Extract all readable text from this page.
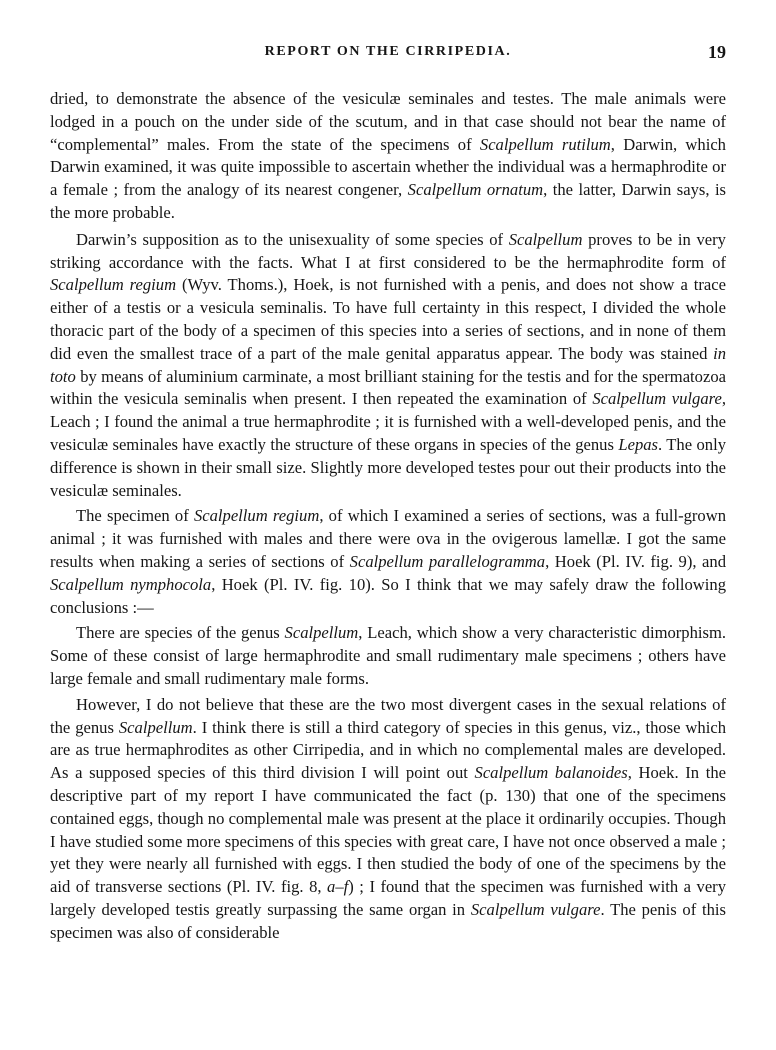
REPORT ON THE CIRRIPEDIA.	19

dried, to demonstrate the absence of the vesiculæ seminales and testes. The male animals were lodged in a pouch on the under side of the scutum, and in that case should not bear the name of “complemental” males. From the state of the specimens of Scalpellum rutilum, Darwin, which Darwin examined, it was quite impossible to ascertain whether the individual was a hermaphrodite or a female ; from the analogy of its nearest congener, Scalpellum ornatum, the latter, Darwin says, is the more probable.

Darwin’s supposition as to the unisexuality of some species of Scalpellum proves to be in very striking accordance with the facts. What I at first considered to be the hermaphrodite form of Scalpellum regium (Wyv. Thoms.), Hoek, is not furnished with a penis, and does not show a trace either of a testis or a vesicula seminalis. To have full certainty in this respect, I divided the whole thoracic part of the body of a specimen of this species into a series of sections, and in none of them did even the smallest trace of a part of the male genital apparatus appear. The body was stained in toto by means of aluminium carminate, a most brilliant staining for the testis and for the spermatozoa within the vesicula seminalis when present. I then repeated the examination of Scalpellum vulgare, Leach ; I found the animal a true hermaphrodite ; it is furnished with a well-developed penis, and the vesiculæ seminales have exactly the structure of these organs in species of the genus Lepas. The only difference is shown in their small size. Slightly more developed testes pour out their products into the vesiculæ seminales.

The specimen of Scalpellum regium, of which I examined a series of sections, was a full-grown animal ; it was furnished with males and there were ova in the ovigerous lamellæ. I got the same results when making a series of sections of Scalpellum parallelogramma, Hoek (Pl. IV. fig. 9), and Scalpellum nymphocola, Hoek (Pl. IV. fig. 10). So I think that we may safely draw the following conclusions :—

There are species of the genus Scalpellum, Leach, which show a very characteristic dimorphism. Some of these consist of large hermaphrodite and small rudimentary male specimens ; others have large female and small rudimentary male forms.

However, I do not believe that these are the two most divergent cases in the sexual relations of the genus Scalpellum. I think there is still a third category of species in this genus, viz., those which are as true hermaphrodites as other Cirripedia, and in which no complemental males are developed. As a supposed species of this third division I will point out Scalpellum balanoides, Hoek. In the descriptive part of my report I have communicated the fact (p. 130) that one of the specimens contained eggs, though no complemental male was present at the place it ordinarily occupies. Though I have studied some more specimens of this species with great care, I have not once observed a male ; yet they were nearly all furnished with eggs. I then studied the body of one of the specimens by the aid of transverse sections (Pl. IV. fig. 8, a–f) ; I found that the specimen was furnished with a very largely developed testis greatly surpassing the same organ in Scalpellum vulgare. The penis of this specimen was also of considerable
